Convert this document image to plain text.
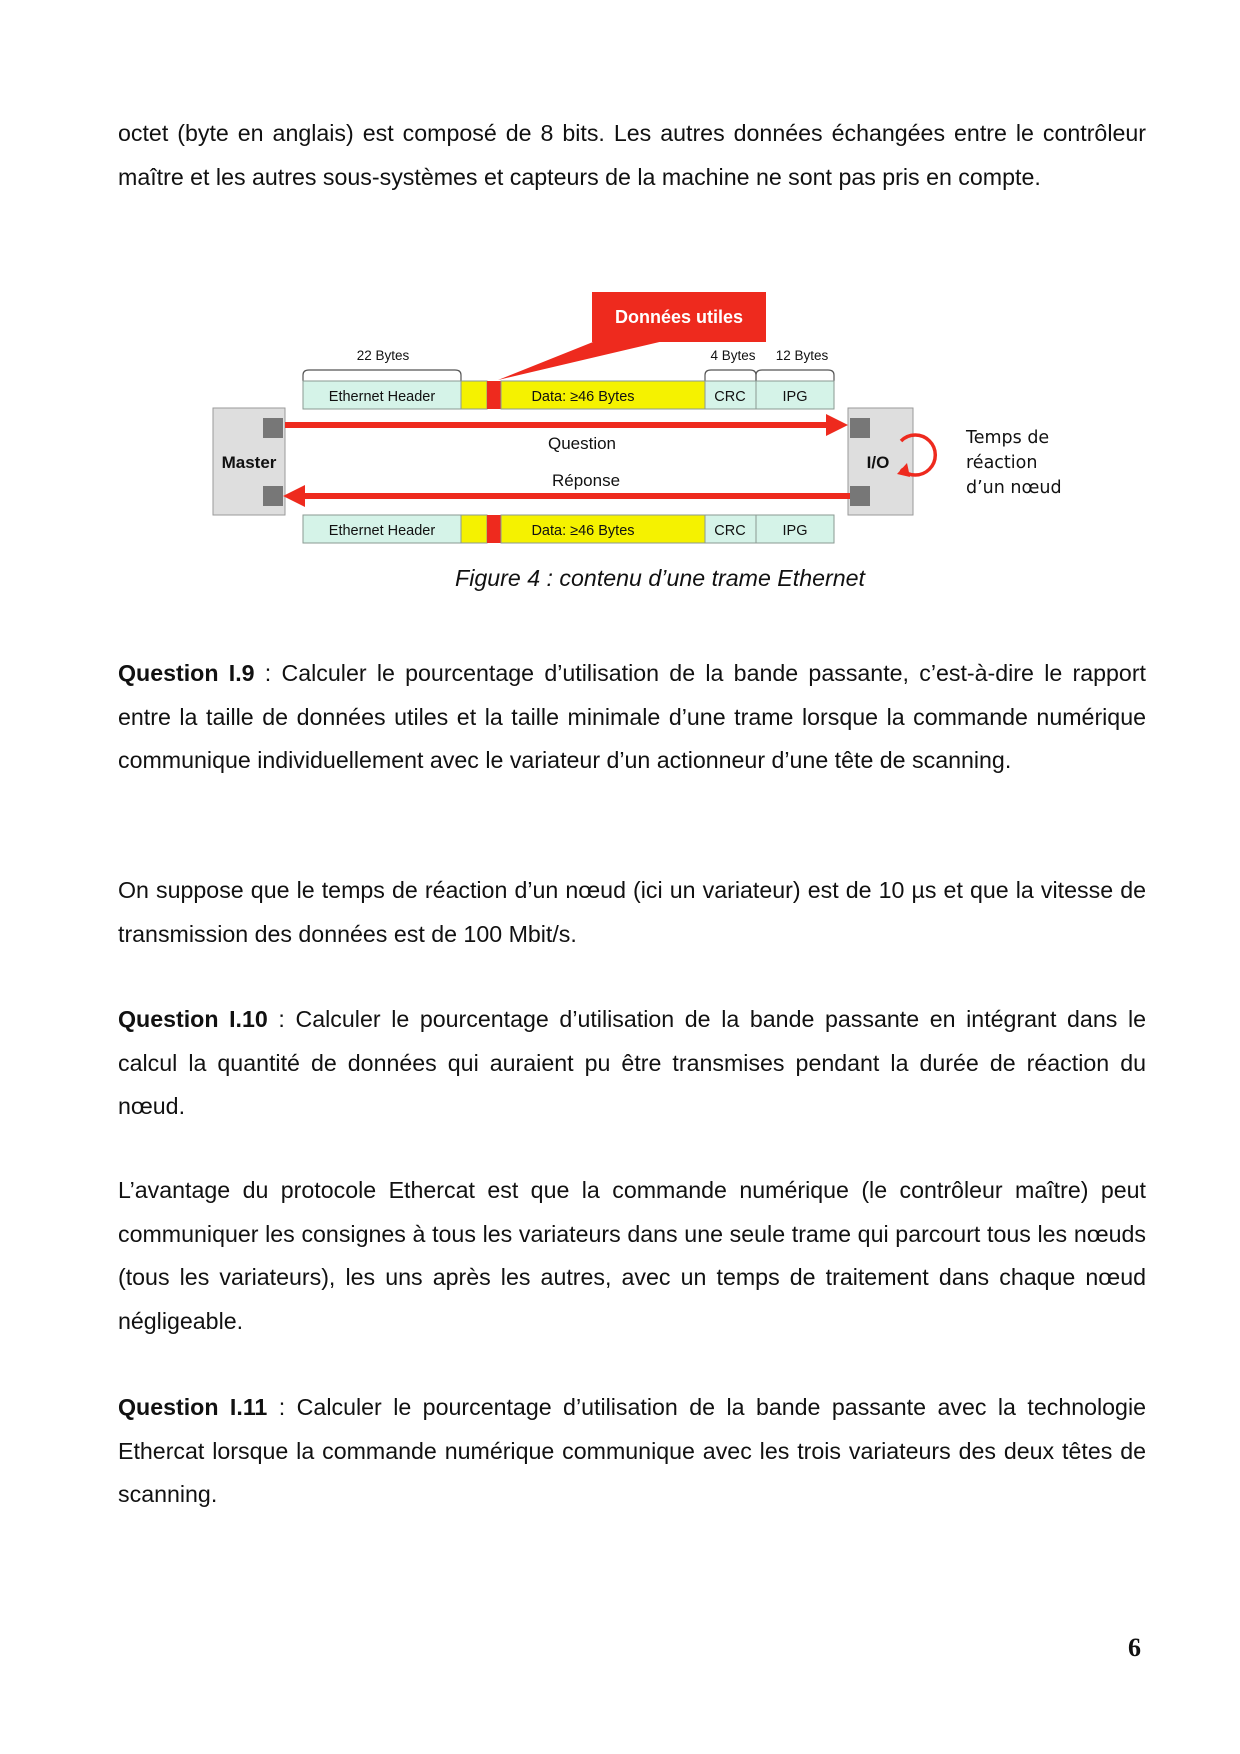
octet (byte en anglais) est composé de 8 bits. Les autres données échangées entre le contrôleur maître et les autres sous-systèmes et capteurs de la machine ne sont pas pris en compte.

Données utiles
22 Bytes	4 Bytes 12 Bytes
Ethernet Header	Data: ≥46 Bytes	CRC	IPG
Master	I/O
Question
Réponse
Ethernet Header	Data: ≥46 Bytes	CRC	IPG
Temps de
réaction
d’un nœud

Figure 4 : contenu d’une trame Ethernet

Question I.9 : Calculer le pourcentage d’utilisation de la bande passante, c’est-à-dire le rapport entre la taille de données utiles et la taille minimale d’une trame lorsque la commande numérique communique individuellement avec le variateur d’un actionneur d’une tête de scanning.

On suppose que le temps de réaction d’un nœud (ici un variateur) est de 10 µs et que la vitesse de transmission des données est de 100 Mbit/s.

Question I.10 : Calculer le pourcentage d’utilisation de la bande passante en intégrant dans le calcul la quantité de données qui auraient pu être transmises pendant la durée de réaction du nœud.

L’avantage du protocole Ethercat est que la commande numérique (le contrôleur maître) peut communiquer les consignes à tous les variateurs dans une seule trame qui parcourt tous les nœuds (tous les variateurs), les uns après les autres, avec un temps de traitement dans chaque nœud négligeable.

Question I.11 : Calculer le pourcentage d’utilisation de la bande passante avec la technologie Ethercat lorsque la commande numérique communique avec les trois variateurs des deux têtes de scanning.

6
